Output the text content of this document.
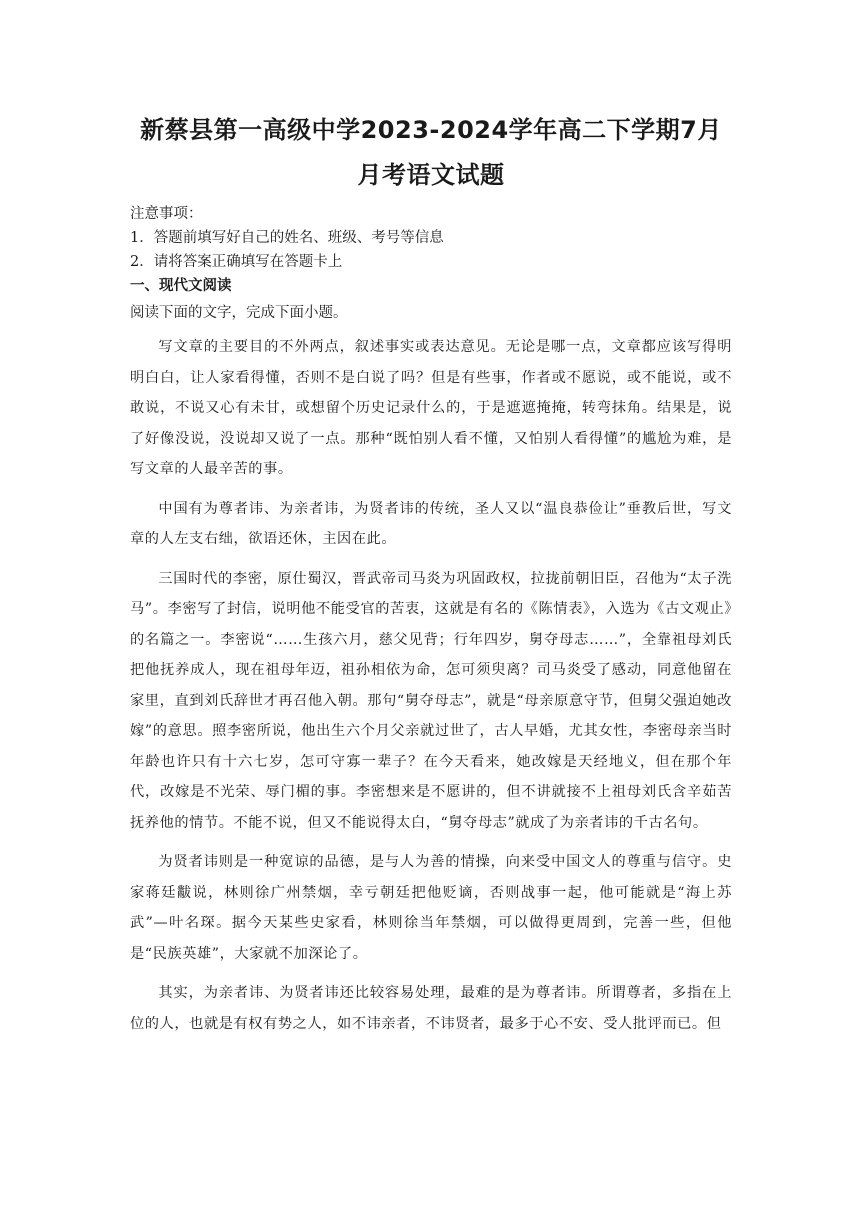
新蔡县第一高级中学2023-2024学年高二下学期7月月考语文试题
注意事项：
1．答题前填写好自己的姓名、班级、考号等信息
2．请将答案正确填写在答题卡上
一、现代文阅读
阅读下面的文字，完成下面小题。

写文章的主要目的不外两点，叙述事实或表达意见。无论是哪一点，文章都应该写得明明白白，让人家看得懂，否则不是白说了吗？但是有些事，作者或不愿说，或不能说，或不敢说，不说又心有未甘，或想留个历史记录什么的，于是遮遮掩掩，转弯抹角。结果是，说了好像没说，没说却又说了一点。那种“既怕别人看不懂，又怕别人看得懂”的尴尬为难，是写文章的人最辛苦的事。

中国有为尊者讳、为亲者讳，为贤者讳的传统，圣人又以“温良恭俭让”垂教后世，写文章的人左支右绌，欲语还休，主因在此。

三国时代的李密，原仕蜀汉，晋武帝司马炎为巩固政权，拉拢前朝旧臣，召他为“太子洗马”。李密写了封信，说明他不能受官的苦衷，这就是有名的《陈情表》，入选为《古文观止》的名篇之一。李密说“……生孩六月，慈父见背；行年四岁，舅夺母志……”，全靠祖母刘氏把他抚养成人，现在祖母年迈，祖孙相依为命，怎可须臾离？司马炎受了感动，同意他留在家里，直到刘氏辞世才再召他入朝。那句“舅夺母志”，就是“母亲原意守节，但舅父强迫她改嫁”的意思。照李密所说，他出生六个月父亲就过世了，古人早婚，尤其女性，李密母亲当时年龄也许只有十六七岁，怎可守寡一辈子？在今天看来，她改嫁是天经地义，但在那个年代，改嫁是不光荣、辱门楣的事。李密想来是不愿讲的，但不讲就接不上祖母刘氏含辛茹苦抚养他的情节。不能不说，但又不能说得太白，“舅夺母志”就成了为亲者讳的千古名句。

为贤者讳则是一种宽谅的品德，是与人为善的情操，向来受中国文人的尊重与信守。史家蒋廷黻说，林则徐广州禁烟，幸亏朝廷把他贬谪，否则战事一起，他可能就是“海上苏武”—叶名琛。据今天某些史家看，林则徐当年禁烟，可以做得更周到，完善一些，但他是“民族英雄”，大家就不加深论了。

其实，为亲者讳、为贤者讳还比较容易处理，最难的是为尊者讳。所谓尊者，多指在上位的人，也就是有权有势之人，如不讳亲者，不讳贤者，最多于心不安、受人批评而已。但
